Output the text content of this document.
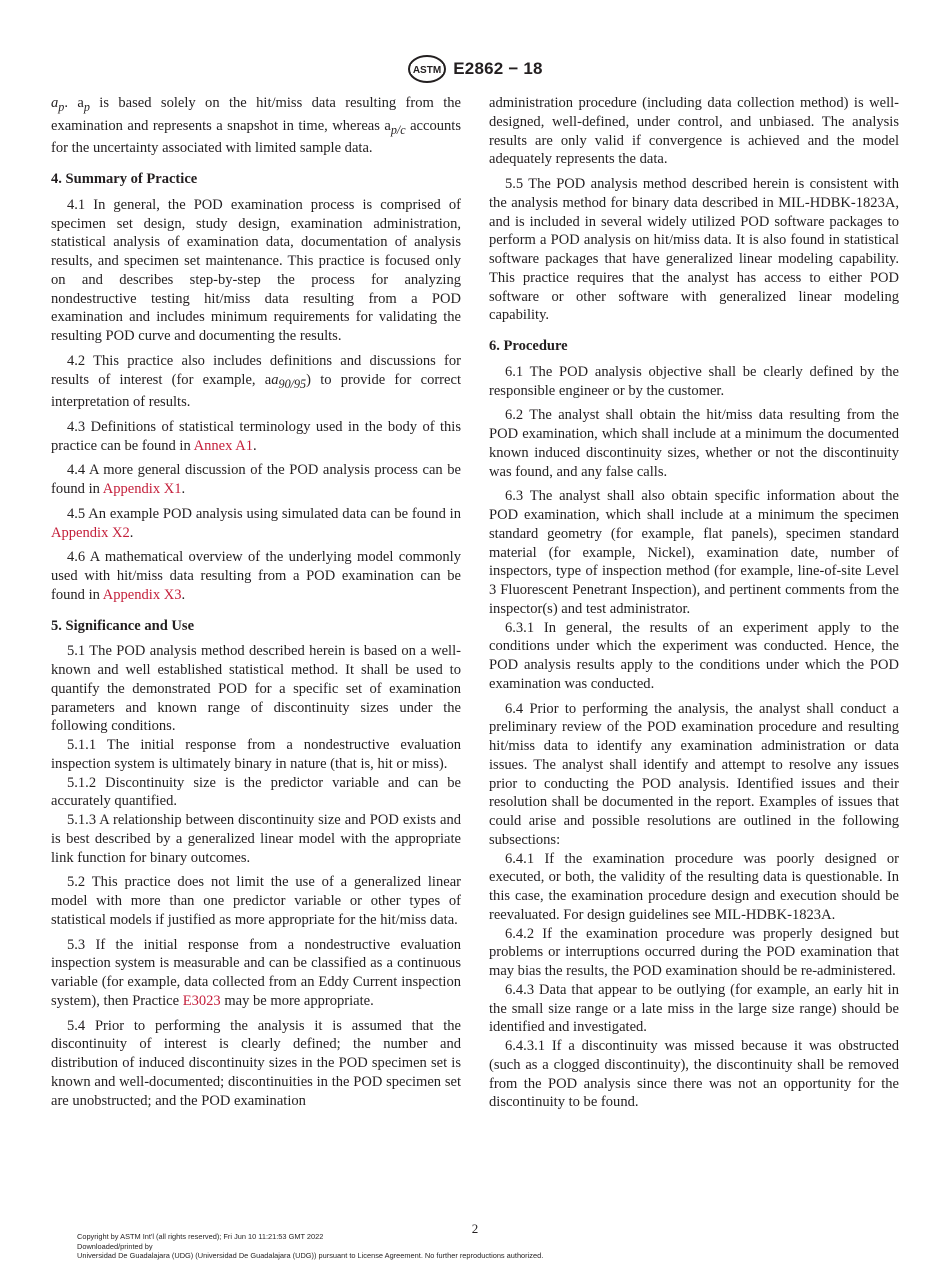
ASTM E2862 − 18

$a_p$. $a_p$ is based solely on the hit/miss data resulting from the examination and represents a snapshot in time, whereas $a_{p/c}$ accounts for the uncertainty associated with limited sample data.

4. Summary of Practice

4.1 In general, the POD examination process is comprised of specimen set design, study design, examination administration, statistical analysis of examination data, documentation of analysis results, and specimen set maintenance. This practice is focused only on and describes step-by-step the process for analyzing nondestructive testing hit/miss data resulting from a POD examination and includes minimum requirements for validating the resulting POD curve and documenting the results.

4.2 This practice also includes definitions and discussions for results of interest (for example, $aa_{90/95}$) to provide for correct interpretation of results.

4.3 Definitions of statistical terminology used in the body of this practice can be found in Annex A1.

4.4 A more general discussion of the POD analysis process can be found in Appendix X1.

4.5 An example POD analysis using simulated data can be found in Appendix X2.

4.6 A mathematical overview of the underlying model commonly used with hit/miss data resulting from a POD examination can be found in Appendix X3.

5. Significance and Use

5.1 The POD analysis method described herein is based on a well-known and well established statistical method. It shall be used to quantify the demonstrated POD for a specific set of examination parameters and known range of discontinuity sizes under the following conditions.

5.1.1 The initial response from a nondestructive evaluation inspection system is ultimately binary in nature (that is, hit or miss).

5.1.2 Discontinuity size is the predictor variable and can be accurately quantified.

5.1.3 A relationship between discontinuity size and POD exists and is best described by a generalized linear model with the appropriate link function for binary outcomes.

5.2 This practice does not limit the use of a generalized linear model with more than one predictor variable or other types of statistical models if justified as more appropriate for the hit/miss data.

5.3 If the initial response from a nondestructive evaluation inspection system is measurable and can be classified as a continuous variable (for example, data collected from an Eddy Current inspection system), then Practice E3023 may be more appropriate.

5.4 Prior to performing the analysis it is assumed that the discontinuity of interest is clearly defined; the number and distribution of induced discontinuity sizes in the POD specimen set is known and well-documented; discontinuities in the POD specimen set are unobstructed; and the POD examination

administration procedure (including data collection method) is well-designed, well-defined, under control, and unbiased. The analysis results are only valid if convergence is achieved and the model adequately represents the data.

5.5 The POD analysis method described herein is consistent with the analysis method for binary data described in MIL-HDBK-1823A, and is included in several widely utilized POD software packages to perform a POD analysis on hit/miss data. It is also found in statistical software packages that have generalized linear modeling capability. This practice requires that the analyst has access to either POD software or other software with generalized linear modeling capability.

6. Procedure

6.1 The POD analysis objective shall be clearly defined by the responsible engineer or by the customer.

6.2 The analyst shall obtain the hit/miss data resulting from the POD examination, which shall include at a minimum the documented known induced discontinuity sizes, whether or not the discontinuity was found, and any false calls.

6.3 The analyst shall also obtain specific information about the POD examination, which shall include at a minimum the specimen standard geometry (for example, flat panels), specimen standard material (for example, Nickel), examination date, number of inspectors, type of inspection method (for example, line-of-site Level 3 Fluorescent Penetrant Inspection), and pertinent comments from the inspector(s) and test administrator.

6.3.1 In general, the results of an experiment apply to the conditions under which the experiment was conducted. Hence, the POD analysis results apply to the conditions under which the POD examination was conducted.

6.4 Prior to performing the analysis, the analyst shall conduct a preliminary review of the POD examination procedure and resulting hit/miss data to identify any examination administration or data issues. The analyst shall identify and attempt to resolve any issues prior to conducting the POD analysis. Identified issues and their resolution shall be documented in the report. Examples of issues that could arise and possible resolutions are outlined in the following subsections:

6.4.1 If the examination procedure was poorly designed or executed, or both, the validity of the resulting data is questionable. In this case, the examination procedure design and execution should be reevaluated. For design guidelines see MIL-HDBK-1823A.

6.4.2 If the examination procedure was properly designed but problems or interruptions occurred during the POD examination that may bias the results, the POD examination should be re-administered.

6.4.3 Data that appear to be outlying (for example, an early hit in the small size range or a late miss in the large size range) should be identified and investigated.

6.4.3.1 If a discontinuity was missed because it was obstructed (such as a clogged discontinuity), the discontinuity shall be removed from the POD analysis since there was not an opportunity for the discontinuity to be found.

2
Copyright by ASTM Int'l (all rights reserved); Fri Jun 10 11:21:53 GMT 2022
Downloaded/printed by
Universidad De Guadalajara (UDG) (Universidad De Guadalajara (UDG)) pursuant to License Agreement. No further reproductions authorized.
